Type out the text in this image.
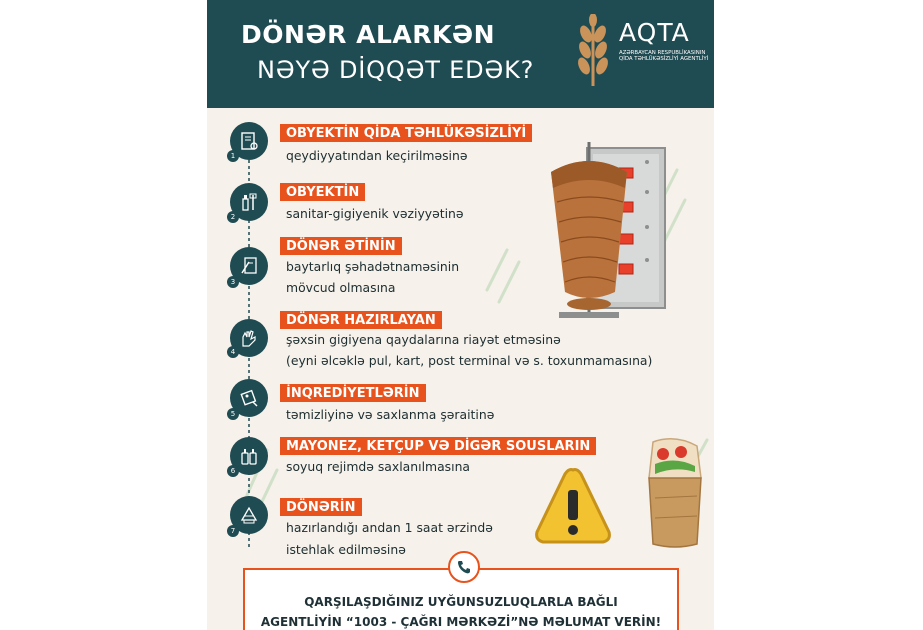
DÖNƏR ALARKƏN
NƏYƏ DİQQƏT EDƏK?
AQTA
AZƏRBAYCAN RESPUBLİKASININ QİDA TƏHLÜKƏSİZLİYİ AGENTLİYİ
1
OBYEKTİN QİDA TƏHLÜKƏSİZLİYİ
qeydiyyatından keçirilməsinə
2
OBYEKTİN
sanitar-gigiyenik vəziyyətinə
3
DÖNƏR ƏTİNİN
baytarlıq şəhadətnaməsinin
mövcud olmasına
4
DÖNƏR HAZIRLAYAN
şəxsin gigiyena qaydalarına riayət etməsinə
(eyni əlcəklə pul, kart, post terminal və s. toxunmamasına)
5
İNQREDİYETLƏRİN
təmizliyinə və saxlanma şəraitinə
6
MAYONEZ, KETÇUP VƏ DİGƏR SOUSLARIN
soyuq rejimdə saxlanılmasına
7
DÖNƏRİN
hazırlandığı andan 1 saat ərzində
istehlak edilməsinə
QARŞILAŞDIĞINIZ UYĞUNSUZLUQLARLA BAĞLI
AGENTLİYİN “1003 - ÇAĞRI MƏRKƏZİ”NƏ MƏLUMAT VERİN!
